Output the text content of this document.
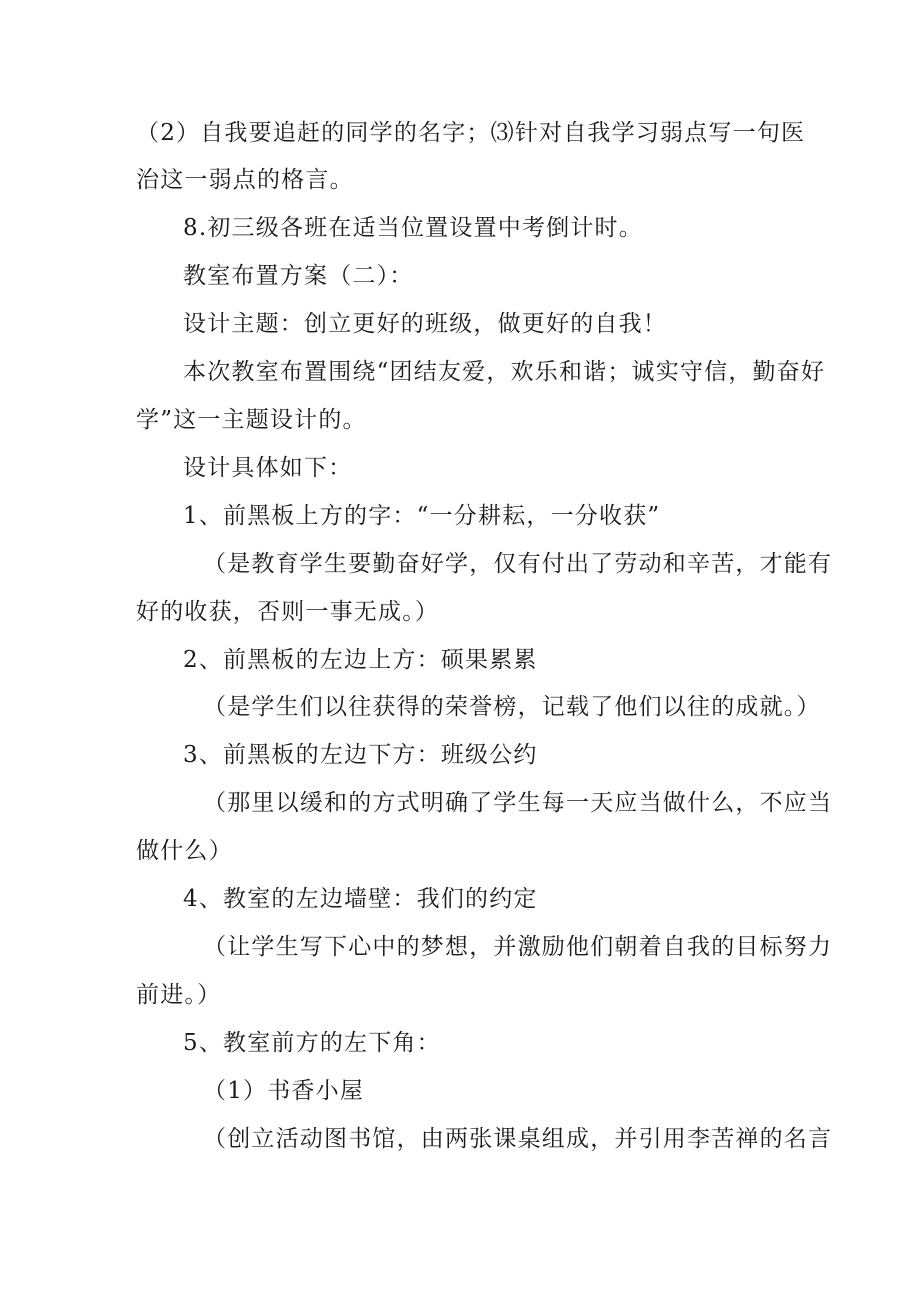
（2）自我要追赶的同学的名字；⑶针对自我学习弱点写一句医
治这一弱点的格言。
8.初三级各班在适当位置设置中考倒计时。
教室布置方案（二）：
设计主题：创立更好的班级，做更好的自我！
本次教室布置围绕“团结友爱，欢乐和谐；诚实守信，勤奋好
学”这一主题设计的。
设计具体如下：
1、前黑板上方的字：“一分耕耘，一分收获”
（是教育学生要勤奋好学，仅有付出了劳动和辛苦，才能有
好的收获，否则一事无成。）
2、前黑板的左边上方：硕果累累
（是学生们以往获得的荣誉榜，记载了他们以往的成就。）
3、前黑板的左边下方：班级公约
（那里以缓和的方式明确了学生每一天应当做什么，不应当
做什么）
4、教室的左边墙壁：我们的约定
（让学生写下心中的梦想，并激励他们朝着自我的目标努力
前进。）
5、教室前方的左下角：
（1）书香小屋
（创立活动图书馆，由两张课桌组成，并引用李苦禅的名言
